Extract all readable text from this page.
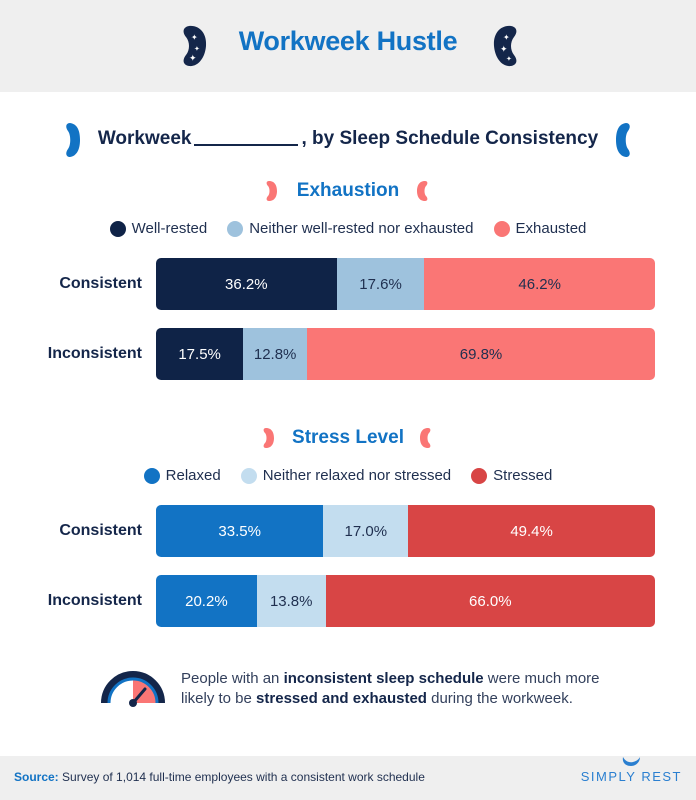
✦
✦
✦
Workweek Hustle	✦
✦
✦
Workweek	, by Sleep Schedule Consistency
Exhaustion
Well-rested	Neither well-rested nor exhausted	Exhausted
Consistent	36.2%	17.6%	46.2%
Inconsistent	17.5%	12.8%	69.8%
Stress Level
Relaxed	Neither relaxed nor stressed	Stressed
Consistent	33.5%	17.0%	49.4%
Inconsistent	20.2%	13.8%	66.0%
People with an inconsistent sleep schedule were much more likely to be stressed and exhausted during the workweek.
Source: Survey of 1,014 full-time employees with a consistent work schedule	SIMPLY REST
